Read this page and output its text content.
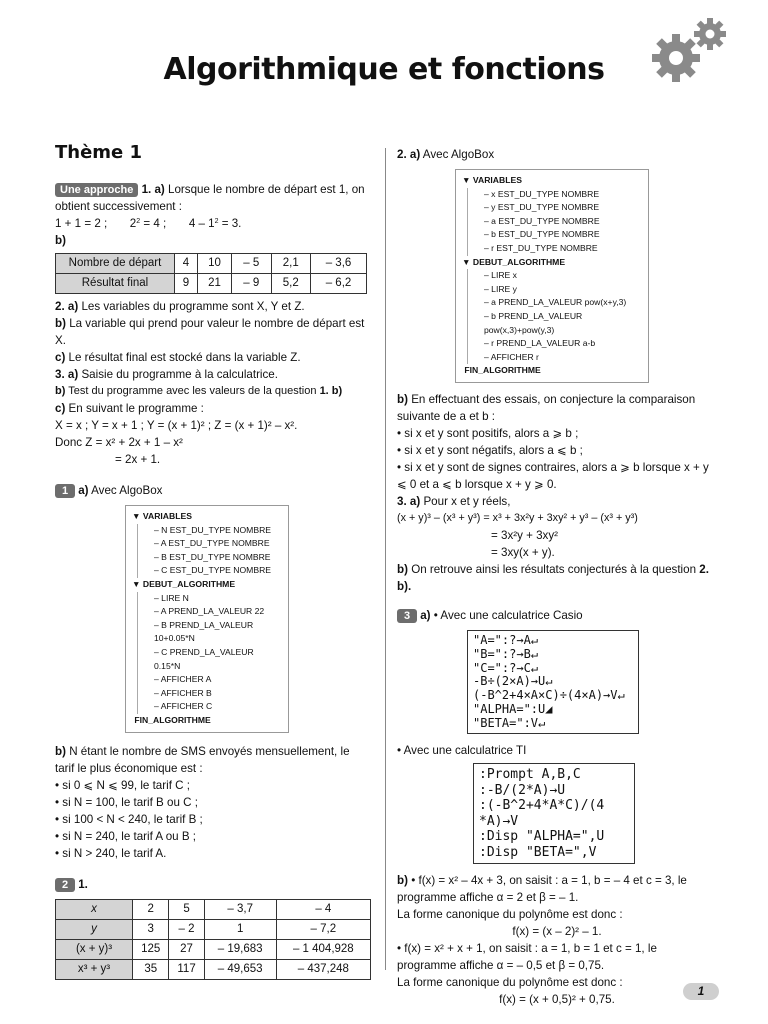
Algorithmique et fonctions
Thème 1

Une approche 1. a) Lorsque le nombre de départ est 1, on obtient successivement :

1 + 1 = 2 ; $2^2 = 4$ ; $4 - 1^2 = 3$.

b)

Nombre de départ	4	10	– 5	2,1	– 3,6
Résultat final	9	21	– 9	5,2	– 6,2

2. a) Les variables du programme sont X, Y et Z.

b) La variable qui prend pour valeur le nombre de départ est X.

c) Le résultat final est stocké dans la variable Z.

3. a) Saisie du programme à la calculatrice.

b) Test du programme avec les valeurs de la question 1. b)

c) En suivant le programme :

X = x ; Y = x + 1 ; Y = (x + 1)² ; Z = (x + 1)² – x².

Donc Z = x² + 2x + 1 – x²

= 2x + 1.

1 a) Avec AlgoBox

▼ VARIABLES
– N EST_DU_TYPE NOMBRE
– A EST_DU_TYPE NOMBRE
– B EST_DU_TYPE NOMBRE
– C EST_DU_TYPE NOMBRE
▼ DEBUT_ALGORITHME
– LIRE N
– A PREND_LA_VALEUR 22
– B PREND_LA_VALEUR 10+0.05*N
– C PREND_LA_VALEUR 0.15*N
– AFFICHER A
– AFFICHER B
– AFFICHER C
FIN_ALGORITHME

b) N étant le nombre de SMS envoyés mensuellement, le tarif le plus économique est :

• si 0 ⩽ N ⩽ 99, le tarif C ;

• si N = 100, le tarif B ou C ;

• si 100 < N < 240, le tarif B ;

• si N = 240, le tarif A ou B ;

• si N > 240, le tarif A.

2 1.

x	2	5	– 3,7	– 4
y	3	– 2	1	– 7,2
(x + y)³	125	27	– 19,683	– 1 404,928
x³ + y³	35	117	– 49,653	– 437,248

2. a) Avec AlgoBox

▼ VARIABLES
– x EST_DU_TYPE NOMBRE
– y EST_DU_TYPE NOMBRE
– a EST_DU_TYPE NOMBRE
– b EST_DU_TYPE NOMBRE
– r EST_DU_TYPE NOMBRE
▼ DEBUT_ALGORITHME
– LIRE x
– LIRE y
– a PREND_LA_VALEUR pow(x+y,3)
– b PREND_LA_VALEUR pow(x,3)+pow(y,3)
– r PREND_LA_VALEUR a-b
– AFFICHER r
FIN_ALGORITHME

b) En effectuant des essais, on conjecture la comparaison suivante de a et b :

• si x et y sont positifs, alors a ⩾ b ;

• si x et y sont négatifs, alors a ⩽ b ;

• si x et y sont de signes contraires, alors a ⩾ b lorsque x + y ⩽ 0 et a ⩽ b lorsque x + y ⩾ 0.

3. a) Pour x et y réels,

(x + y)³ – (x³ + y³) = x³ + 3x²y + 3xy² + y³ – (x³ + y³)

= 3x²y + 3xy²

= 3xy(x + y).

b) On retrouve ainsi les résultats conjecturés à la question 2. b).

3 a) • Avec une calculatrice Casio

"A=":?→A↵
"B=":?→B↵
"C=":?→C↵
-B÷(2×A)→U↵
(-B^2+4×A×C)÷(4×A)→V↵
"ALPHA=":U◢
"BETA=":V↵

• Avec une calculatrice TI

:Prompt A,B,C
:-B/(2*A)→U
:(-B^2+4*A*C)/(4
*A)→V
:Disp "ALPHA=",U
:Disp "BETA=",V

b) • f(x) = x² – 4x + 3, on saisit : a = 1, b = – 4 et c = 3, le programme affiche α = 2 et β = – 1.

La forme canonique du polynôme est donc :

f(x) = (x – 2)² – 1.

• f(x) = x² + x + 1, on saisit : a = 1, b = 1 et c = 1, le programme affiche α = – 0,5 et β = 0,75.

La forme canonique du polynôme est donc :

f(x) = (x + 0,5)² + 0,75.

1
